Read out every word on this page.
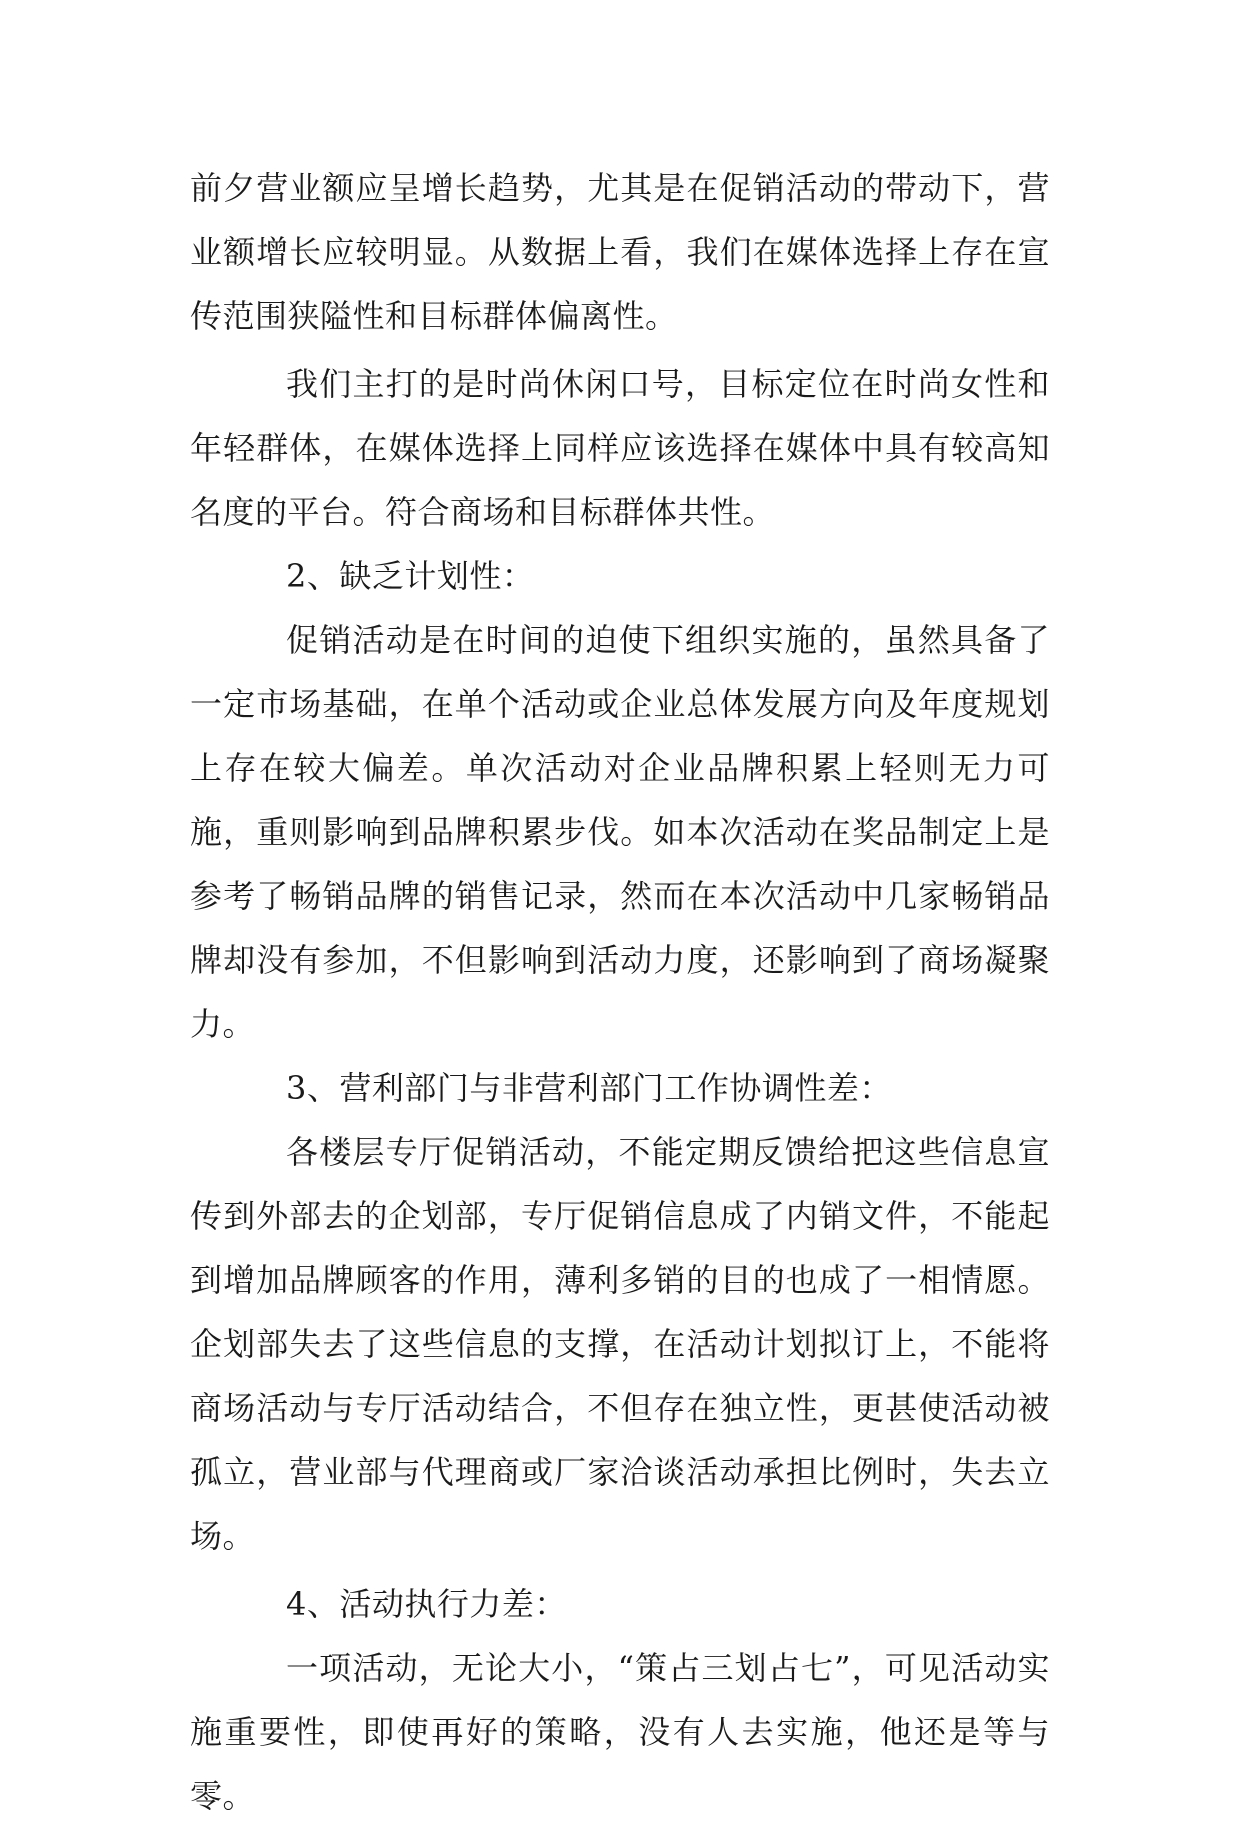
前夕营业额应呈增长趋势，尤其是在促销活动的带动下，营业额增长应较明显。从数据上看，我们在媒体选择上存在宣传范围狭隘性和目标群体偏离性。

我们主打的是时尚休闲口号，目标定位在时尚女性和年轻群体，在媒体选择上同样应该选择在媒体中具有较高知名度的平台。符合商场和目标群体共性。

2、缺乏计划性：

促销活动是在时间的迫使下组织实施的，虽然具备了一定市场基础，在单个活动或企业总体发展方向及年度规划上存在较大偏差。单次活动对企业品牌积累上轻则无力可施，重则影响到品牌积累步伐。如本次活动在奖品制定上是参考了畅销品牌的销售记录，然而在本次活动中几家畅销品牌却没有参加，不但影响到活动力度，还影响到了商场凝聚力。

3、营利部门与非营利部门工作协调性差：

各楼层专厅促销活动，不能定期反馈给把这些信息宣传到外部去的企划部，专厅促销信息成了内销文件，不能起到增加品牌顾客的作用，薄利多销的目的也成了一相情愿。企划部失去了这些信息的支撑，在活动计划拟订上，不能将商场活动与专厅活动结合，不但存在独立性，更甚使活动被孤立，营业部与代理商或厂家洽谈活动承担比例时，失去立场。

4、活动执行力差：

一项活动，无论大小，“策占三划占七”，可见活动实施重要性，即使再好的策略，没有人去实施，他还是等与零。
